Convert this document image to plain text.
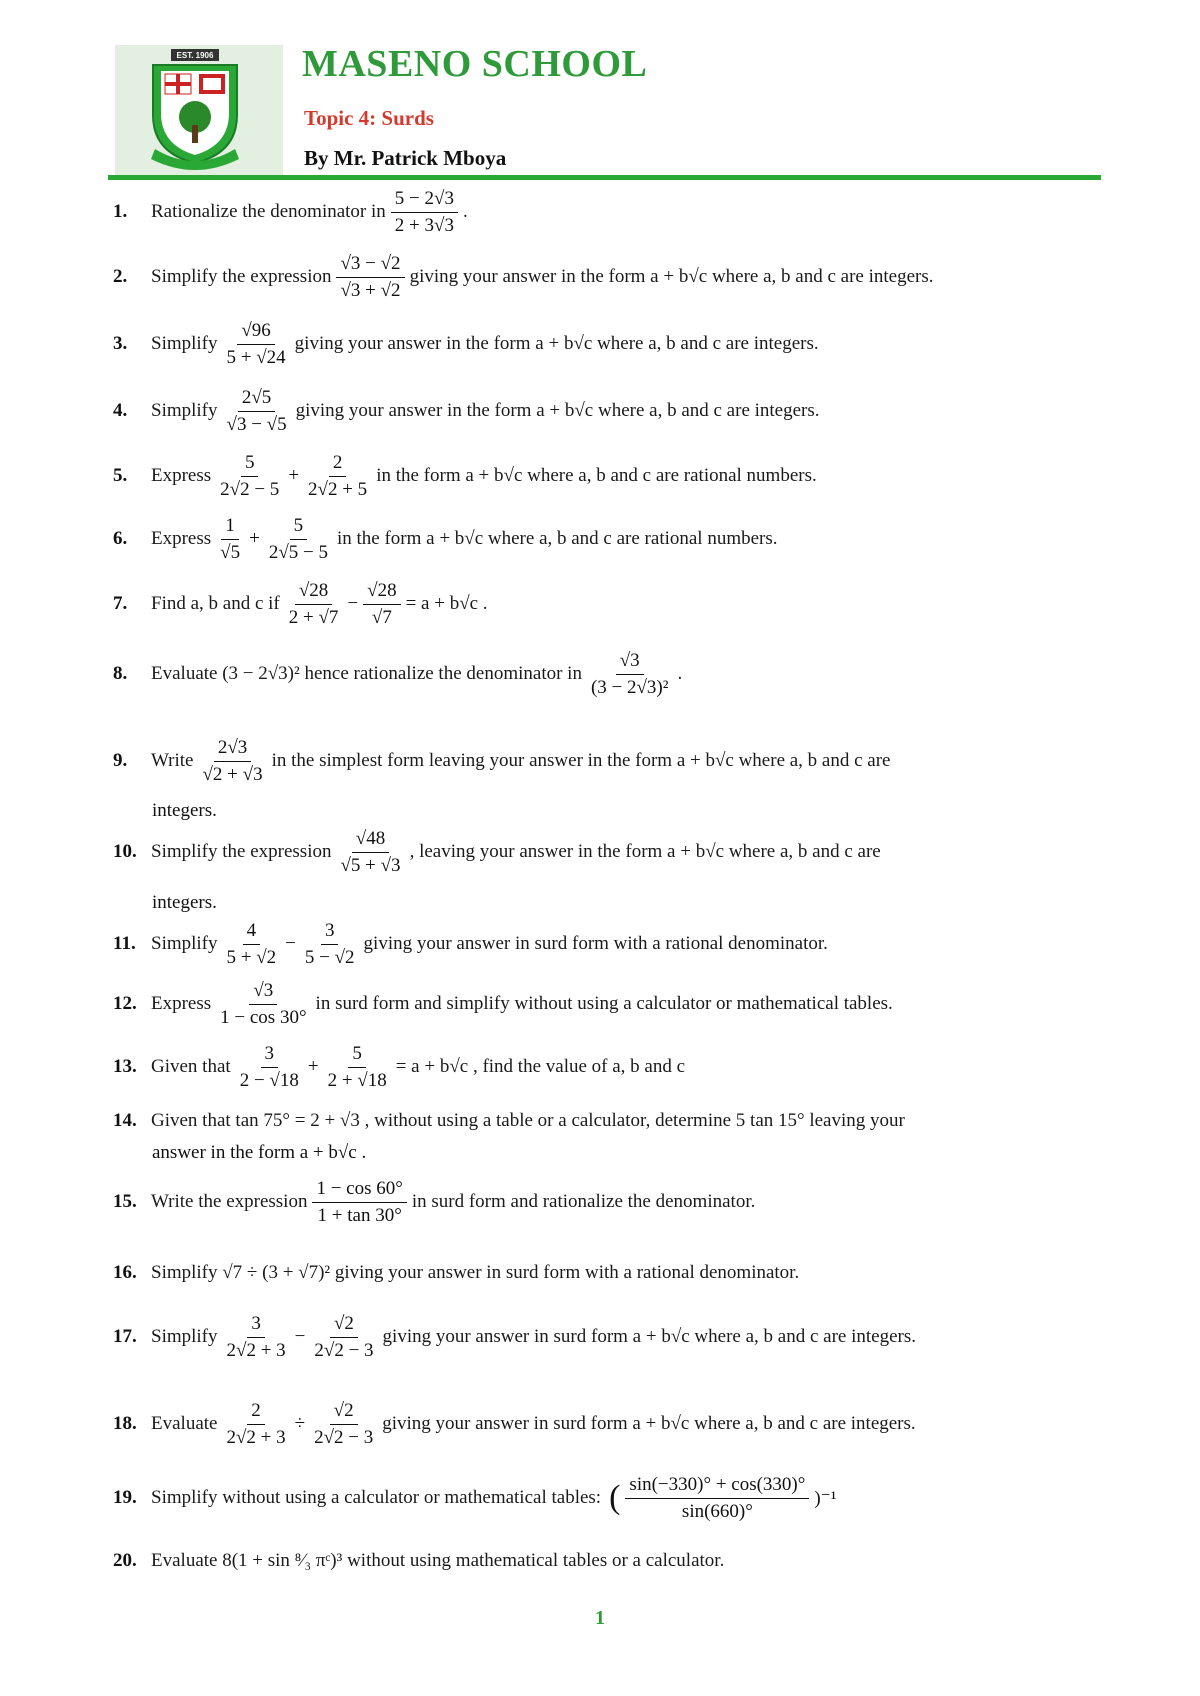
EST. 1906 MASENO SCHOOL
Topic 4: Surds
By Mr. Patrick Mboya
1.	Rationalize the denominator in $\frac{5 - 2√3}{2 + 3√3}$ .
2.	Simplify the expression $\frac{√3 - √2}{√3 + √2}$ giving your answer in the form a + b√c where a, b and c are integers.
3.	Simplify $\frac{√96}{5 + √24}$ giving your answer in the form a + b√c where a, b and c are integers.
4.	Simplify $\frac{2√5}{√3 - √5}$ giving your answer in the form a + b√c where a, b and c are integers.
5.	Express $\frac{5}{2√2 - 5} + \frac{2}{2√2 + 5}$ in the form a + b√c where a, b and c are rational numbers.
6.	Express $\frac{1}{√5} + \frac{5}{2√5 - 5}$ in the form a + b√c where a, b and c are rational numbers.
7.	Find a, b and c if $\frac{√28}{2 + √7} - \frac{√28}{√7} = a + b√c$ .
8.	Evaluate (3 − 2√3)² hence rationalize the denominator in $\frac{√3}{\text{(3 − 2√3)²}}$ .
9.	Write $\frac{2√3}{√2 + √3}$ in the simplest form leaving your answer in the form a + b√c where a, b and c are
integers.
10. Simplify the expression $\frac{√48}{√5 + √3}$ , leaving your answer in the form a + b√c where a, b and c are
integers.
11. Simplify $\frac{4}{5 + √2} - \frac{3}{5 - √2}$ giving your answer in surd form with a rational denominator.
12. Express $\frac{√3}{1 - \cos 30^\circ}$ in surd form and simplify without using a calculator or mathematical tables.
13. Given that $\frac{3}{2 - √18} + \frac{5}{2 + √18} = a + b√c$ , find the value of a, b and c
14. Given that tan 75° = 2 + √3 , without using a table or a calculator, determine 5 tan 15° leaving your
answer in the form a + b√c .
15. Write the expression $\frac{1 - \cos 60^\circ}{1 + \tan 30^\circ}$ in surd form and rationalize the denominator.
16. Simplify √7 ÷ (3 + √7)² giving your answer in surd form with a rational denominator.
17. Simplify $\frac{3}{2√2 + 3} - \frac{√2}{2√2 - 3}$ giving your answer in surd form a + b√c where a, b and c are integers.
18. Evaluate $\frac{2}{2√2 + 3} \div \frac{√2}{2√2 - 3}$ giving your answer in surd form a + b√c where a, b and c are integers.
19. Simplify without using a calculator or mathematical tables: ( $\frac{\sin(-330)^\circ + \cos(330)^\circ}{\sin(660)^\circ} )^{-1}$
20. Evaluate 8(1 + sin ⁸⁄₃ πᶜ)³ without using mathematical tables or a calculator.
1
